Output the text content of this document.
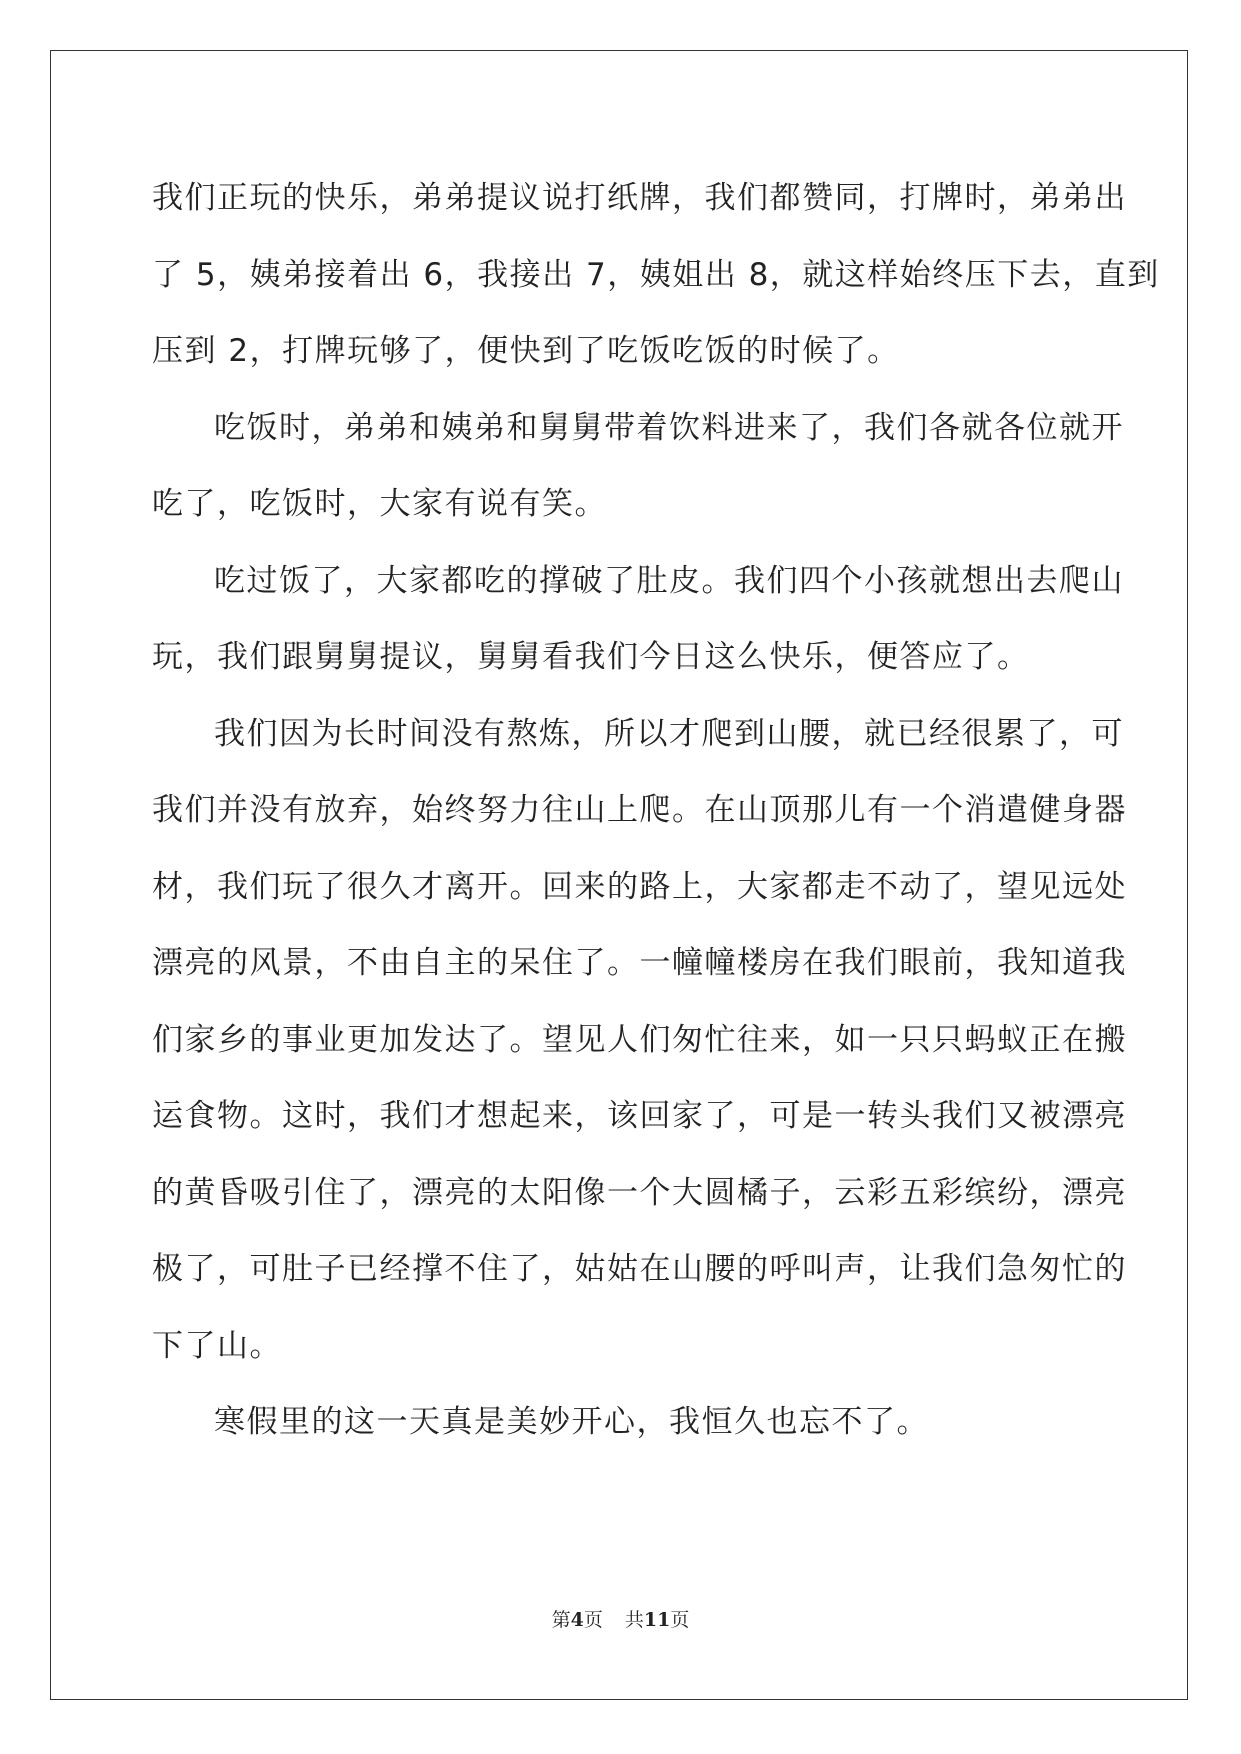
我们正玩的快乐，弟弟提议说打纸牌，我们都赞同，打牌时，弟弟出
了 5，姨弟接着出 6，我接出 7，姨姐出 8，就这样始终压下去，直到
压到 2，打牌玩够了，便快到了吃饭吃饭的时候了。
吃饭时，弟弟和姨弟和舅舅带着饮料进来了，我们各就各位就开
吃了，吃饭时，大家有说有笑。
吃过饭了，大家都吃的撑破了肚皮。我们四个小孩就想出去爬山
玩，我们跟舅舅提议，舅舅看我们今日这么快乐，便答应了。
我们因为长时间没有熬炼，所以才爬到山腰，就已经很累了，可
我们并没有放弃，始终努力往山上爬。在山顶那儿有一个消遣健身器
材，我们玩了很久才离开。回来的路上，大家都走不动了，望见远处
漂亮的风景，不由自主的呆住了。一幢幢楼房在我们眼前，我知道我
们家乡的事业更加发达了。望见人们匆忙往来，如一只只蚂蚁正在搬
运食物。这时，我们才想起来，该回家了，可是一转头我们又被漂亮
的黄昏吸引住了，漂亮的太阳像一个大圆橘子，云彩五彩缤纷，漂亮
极了，可肚子已经撑不住了，姑姑在山腰的呼叫声，让我们急匆忙的
下了山。
寒假里的这一天真是美妙开心，我恒久也忘不了。
第4页 共11页
